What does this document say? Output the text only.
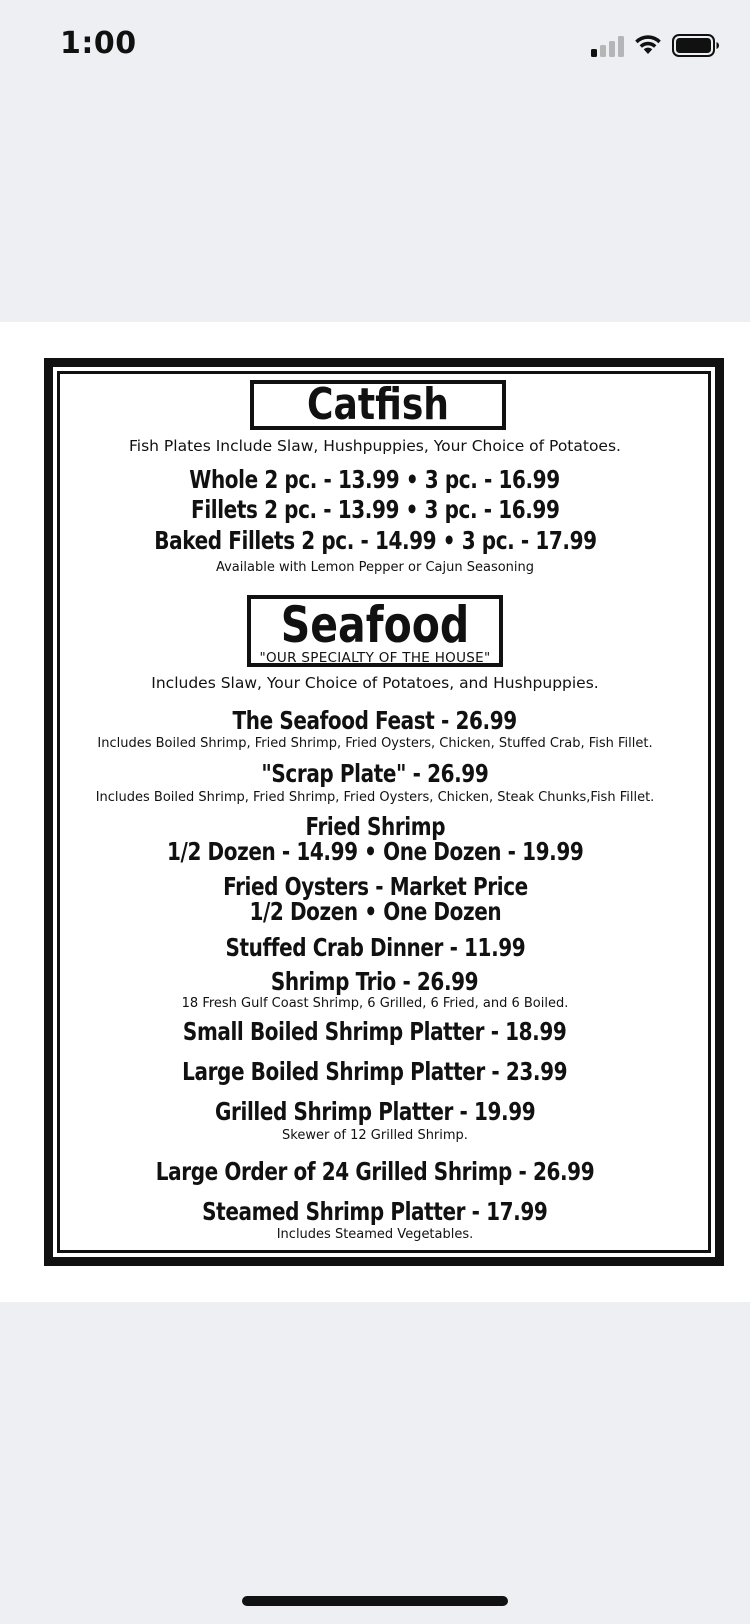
1:00
Catfish
Fish Plates Include Slaw, Hushpuppies, Your Choice of Potatoes.
Whole 2 pc. - 13.99 • 3 pc. - 16.99
Fillets 2 pc. - 13.99 • 3 pc. - 16.99
Baked Fillets 2 pc. - 14.99 • 3 pc. - 17.99
Available with Lemon Pepper or Cajun Seasoning
Seafood
"OUR SPECIALTY OF THE HOUSE"
Includes Slaw, Your Choice of Potatoes, and Hushpuppies.
The Seafood Feast - 26.99
Includes Boiled Shrimp, Fried Shrimp, Fried Oysters, Chicken, Stuffed Crab, Fish Fillet.
"Scrap Plate" - 26.99
Includes Boiled Shrimp, Fried Shrimp, Fried Oysters, Chicken, Steak Chunks,Fish Fillet.
Fried Shrimp
1/2 Dozen - 14.99 • One Dozen - 19.99
Fried Oysters - Market Price
1/2 Dozen • One Dozen
Stuffed Crab Dinner - 11.99
Shrimp Trio - 26.99
18 Fresh Gulf Coast Shrimp, 6 Grilled, 6 Fried, and 6 Boiled.
Small Boiled Shrimp Platter - 18.99
Large Boiled Shrimp Platter - 23.99
Grilled Shrimp Platter - 19.99
Skewer of 12 Grilled Shrimp.
Large Order of 24 Grilled Shrimp - 26.99
Steamed Shrimp Platter - 17.99
Includes Steamed Vegetables.
